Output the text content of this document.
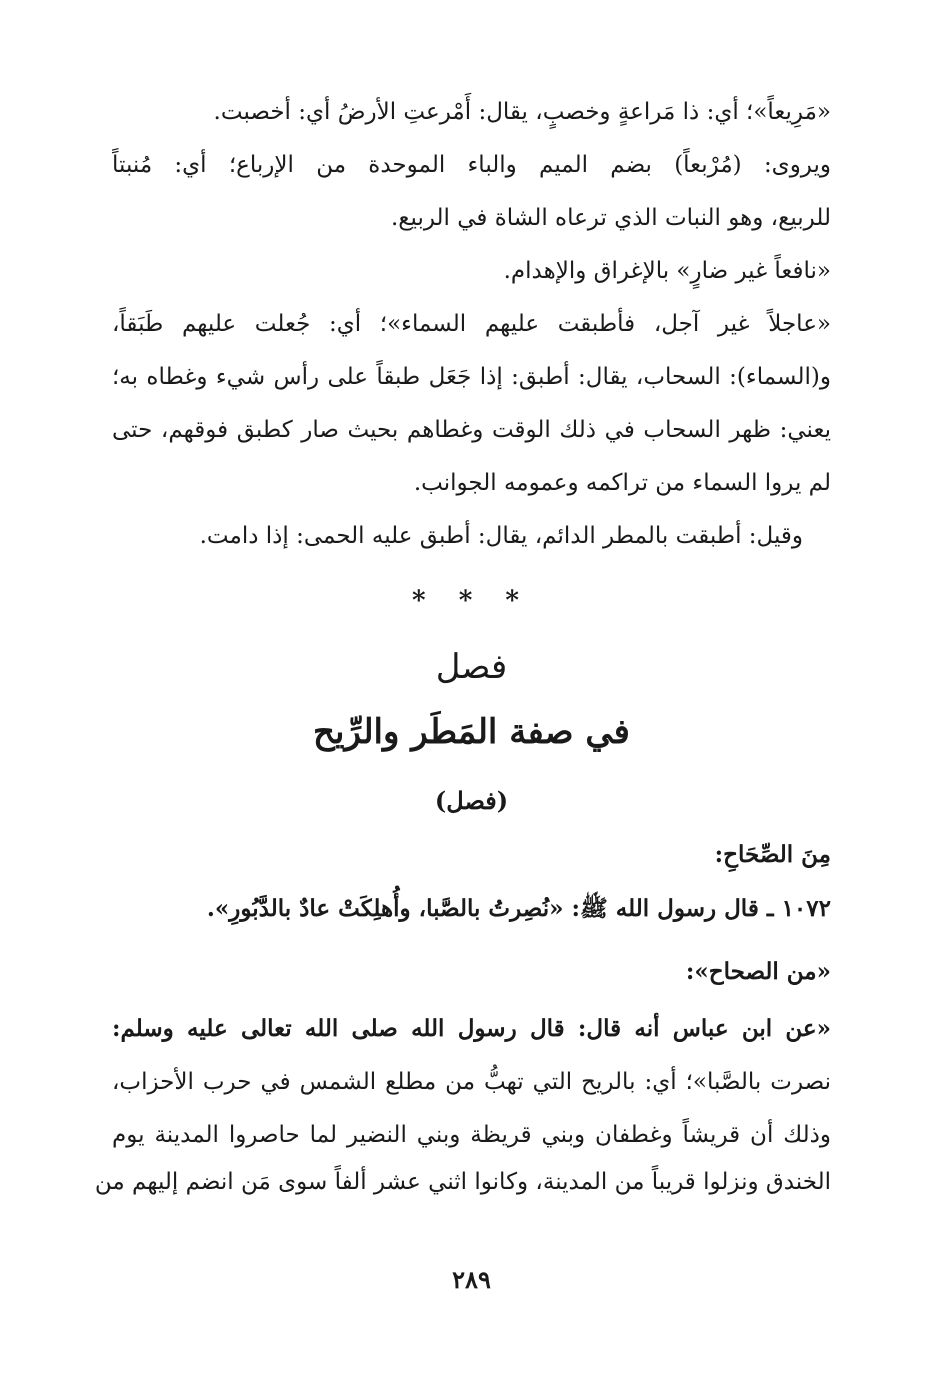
«مَرِيعاً»؛ أي: ذا مَراعةٍ وخصبٍ، يقال: أَمْرعتِ الأرضُ أي: أخصبت.
ويروى: (مُرْبعاً) بضم الميم والباء الموحدة من الإرباع؛ أي: مُنبتاً
للربيع، وهو النبات الذي ترعاه الشاة في الربيع.
«نافعاً غير ضارٍ» بالإغراق والإهدام.
«عاجلاً غير آجل، فأطبقت عليهم السماء»؛ أي: جُعلت عليهم طَبَقاً،
و(السماء): السحاب، يقال: أطبق: إذا جَعَل طبقاً على رأس شيء وغطاه به؛
يعني: ظهر السحاب في ذلك الوقت وغطاهم بحيث صار كطبق فوقهم، حتى
لم يروا السماء من تراكمه وعمومه الجوانب.
وقيل: أطبقت بالمطر الدائم، يقال: أطبق عليه الحمى: إذا دامت.
* * *
فصل
في صفة المَطَر والرِّيح
(فصل)
مِنَ الصِّحَاحِ:
١٠٧٢ ـ قال رسول الله ﷺ: «نُصِرتُ بالصَّبا، وأُهلِكَتْ عادٌ بالدَّبُورِ».
«من الصحاح»:
«عن ابن عباس أنه قال: قال رسول الله صلى الله تعالى عليه وسلم:
نصرت بالصَّبا»؛ أي: بالريح التي تهبُّ من مطلع الشمس في حرب الأحزاب،
وذلك أن قريشاً وغطفان وبني قريظة وبني النضير لما حاصروا المدينة يوم
الخندق ونزلوا قريباً من المدينة، وكانوا اثني عشر ألفاً سوى مَن انضم إليهم من
٢٨٩
